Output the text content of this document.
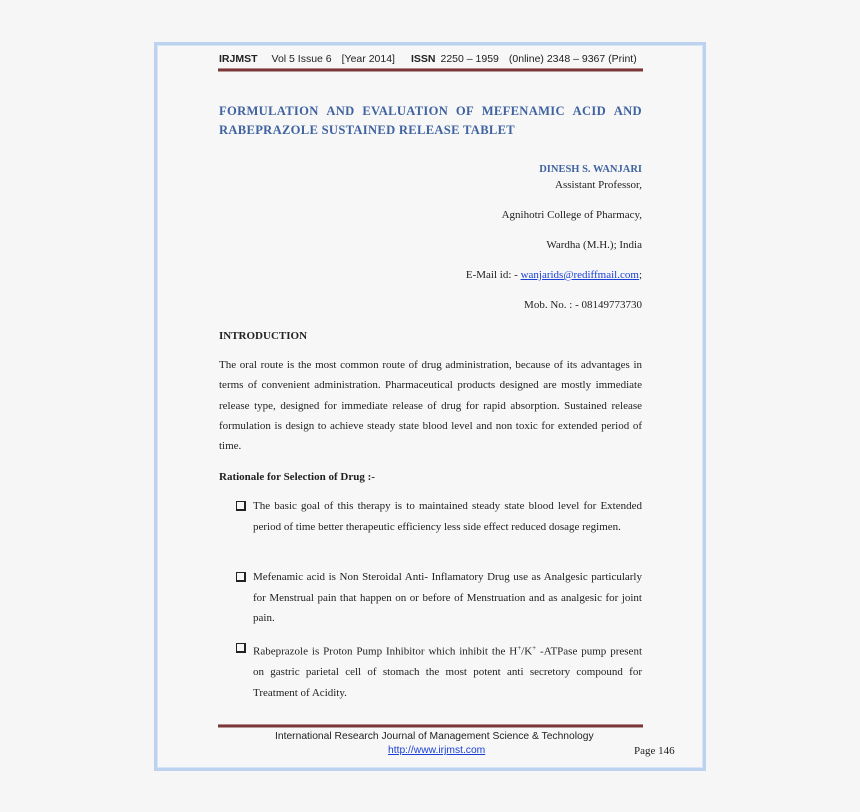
IRJMST Vol 5 Issue 6 [Year 2014] ISSN 2250 – 1959 (0nline) 2348 – 9367 (Print)
FORMULATION AND EVALUATION OF MEFENAMIC ACID AND
RABEPRAZOLE SUSTAINED RELEASE TABLET
DINESH S. WANJARI
Assistant Professor,
Agnihotri College of Pharmacy,
Wardha (M.H.); India
E-Mail id: - wanjarids@rediffmail.com;
Mob. No. : - 08149773730
INTRODUCTION
The oral route is the most common route of drug administration, because of its advantages in terms of convenient administration. Pharmaceutical products designed are mostly immediate release type, designed for immediate release of drug for rapid absorption. Sustained release formulation is design to achieve steady state blood level and non toxic for extended period of time.
Rationale for Selection of Drug :-
The basic goal of this therapy is to maintained steady state blood level for Extended period of time better therapeutic efficiency less side effect reduced dosage regimen.
Mefenamic acid is Non Steroidal Anti- Inflamatory Drug use as Analgesic particularly for Menstrual pain that happen on or before of Menstruation and as analgesic for joint pain.
Rabeprazole is Proton Pump Inhibitor which inhibit the H+/K+ -ATPase pump present on gastric parietal cell of stomach the most potent anti secretory compound for Treatment of Acidity.
International Research Journal of Management Science & Technology
http://www.irjmst.com	Page 146
